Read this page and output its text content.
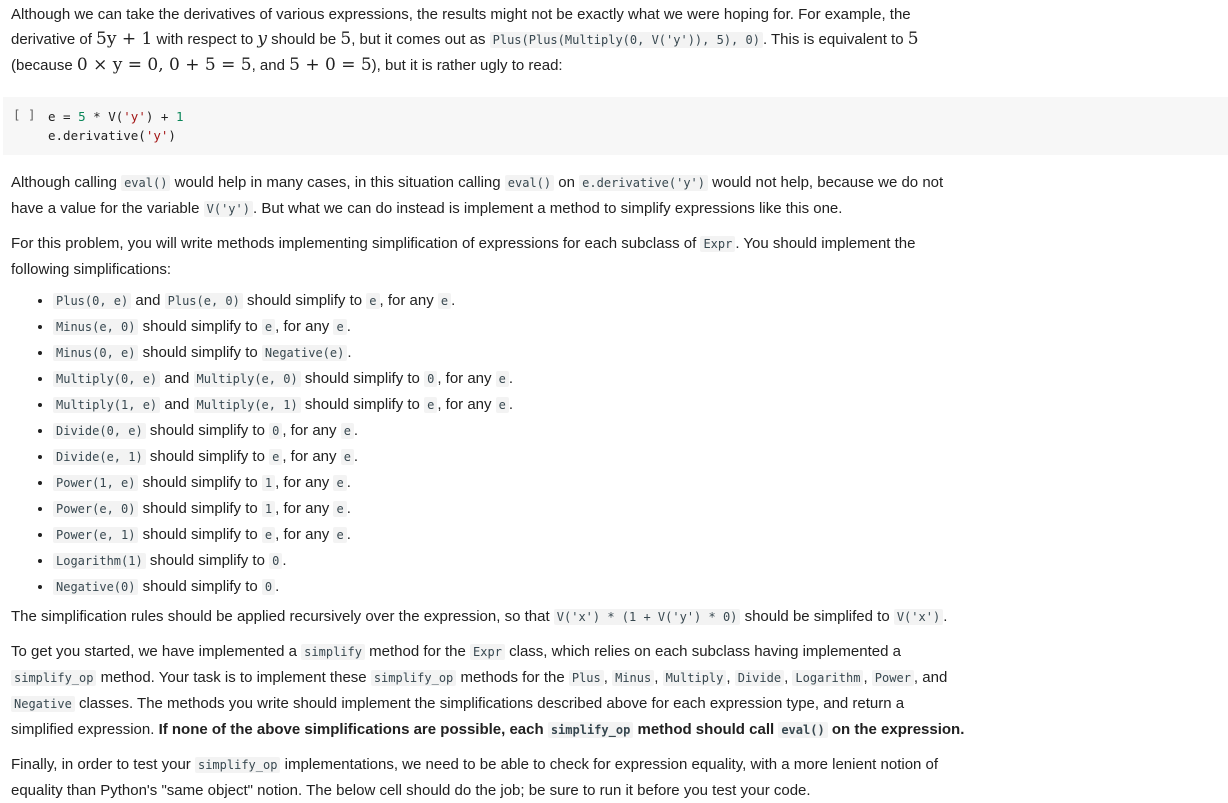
Although we can take the derivatives of various expressions, the results might not be exactly what we were hoping for. For example, the
derivative of 5y + 1 with respect to y should be 5, but it comes out as Plus(Plus(Multiply(0, V('y')), 5), 0) . This is equivalent to 5
(because 0 × y = 0, 0 + 5 = 5, and 5 + 0 = 5), but it is rather ugly to read:

[ ] e = 5 * V('y') + 1
e.derivative('y')

Although calling eval() would help in many cases, in this situation calling eval() on e.derivative('y') would not help, because we do not
have a value for the variable V('y') . But what we can do instead is implement a method to simplify expressions like this one.

For this problem, you will write methods implementing simplification of expressions for each subclass of Expr . You should implement the
following simplifications:

• Plus(0, e) and Plus(e, 0) should simplify to e , for any e .
• Minus(e, 0) should simplify to e , for any e .
• Minus(0, e) should simplify to Negative(e) .
• Multiply(0, e) and Multiply(e, 0) should simplify to 0 , for any e .
• Multiply(1, e) and Multiply(e, 1) should simplify to e , for any e .
• Divide(0, e) should simplify to 0 , for any e .
• Divide(e, 1) should simplify to e , for any e .
• Power(1, e) should simplify to 1 , for any e .
• Power(e, 0) should simplify to 1 , for any e .
• Power(e, 1) should simplify to e , for any e .
• Logarithm(1) should simplify to 0 .
• Negative(0) should simplify to 0 .

The simplification rules should be applied recursively over the expression, so that V('x') * (1 + V('y') * 0) should be simplifed to V('x') .

To get you started, we have implemented a simplify method for the Expr class, which relies on each subclass having implemented a
simplify_op method. Your task is to implement these simplify_op methods for the Plus , Minus , Multiply , Divide , Logarithm , Power , and
Negative classes. The methods you write should implement the simplifications described above for each expression type, and return a
simplified expression. If none of the above simplifications are possible, each simplify_op method should call eval() on the expression.

Finally, in order to test your simplify_op implementations, we need to be able to check for expression equality, with a more lenient notion of
equality than Python's "same object" notion. The below cell should do the job; be sure to run it before you test your code.
